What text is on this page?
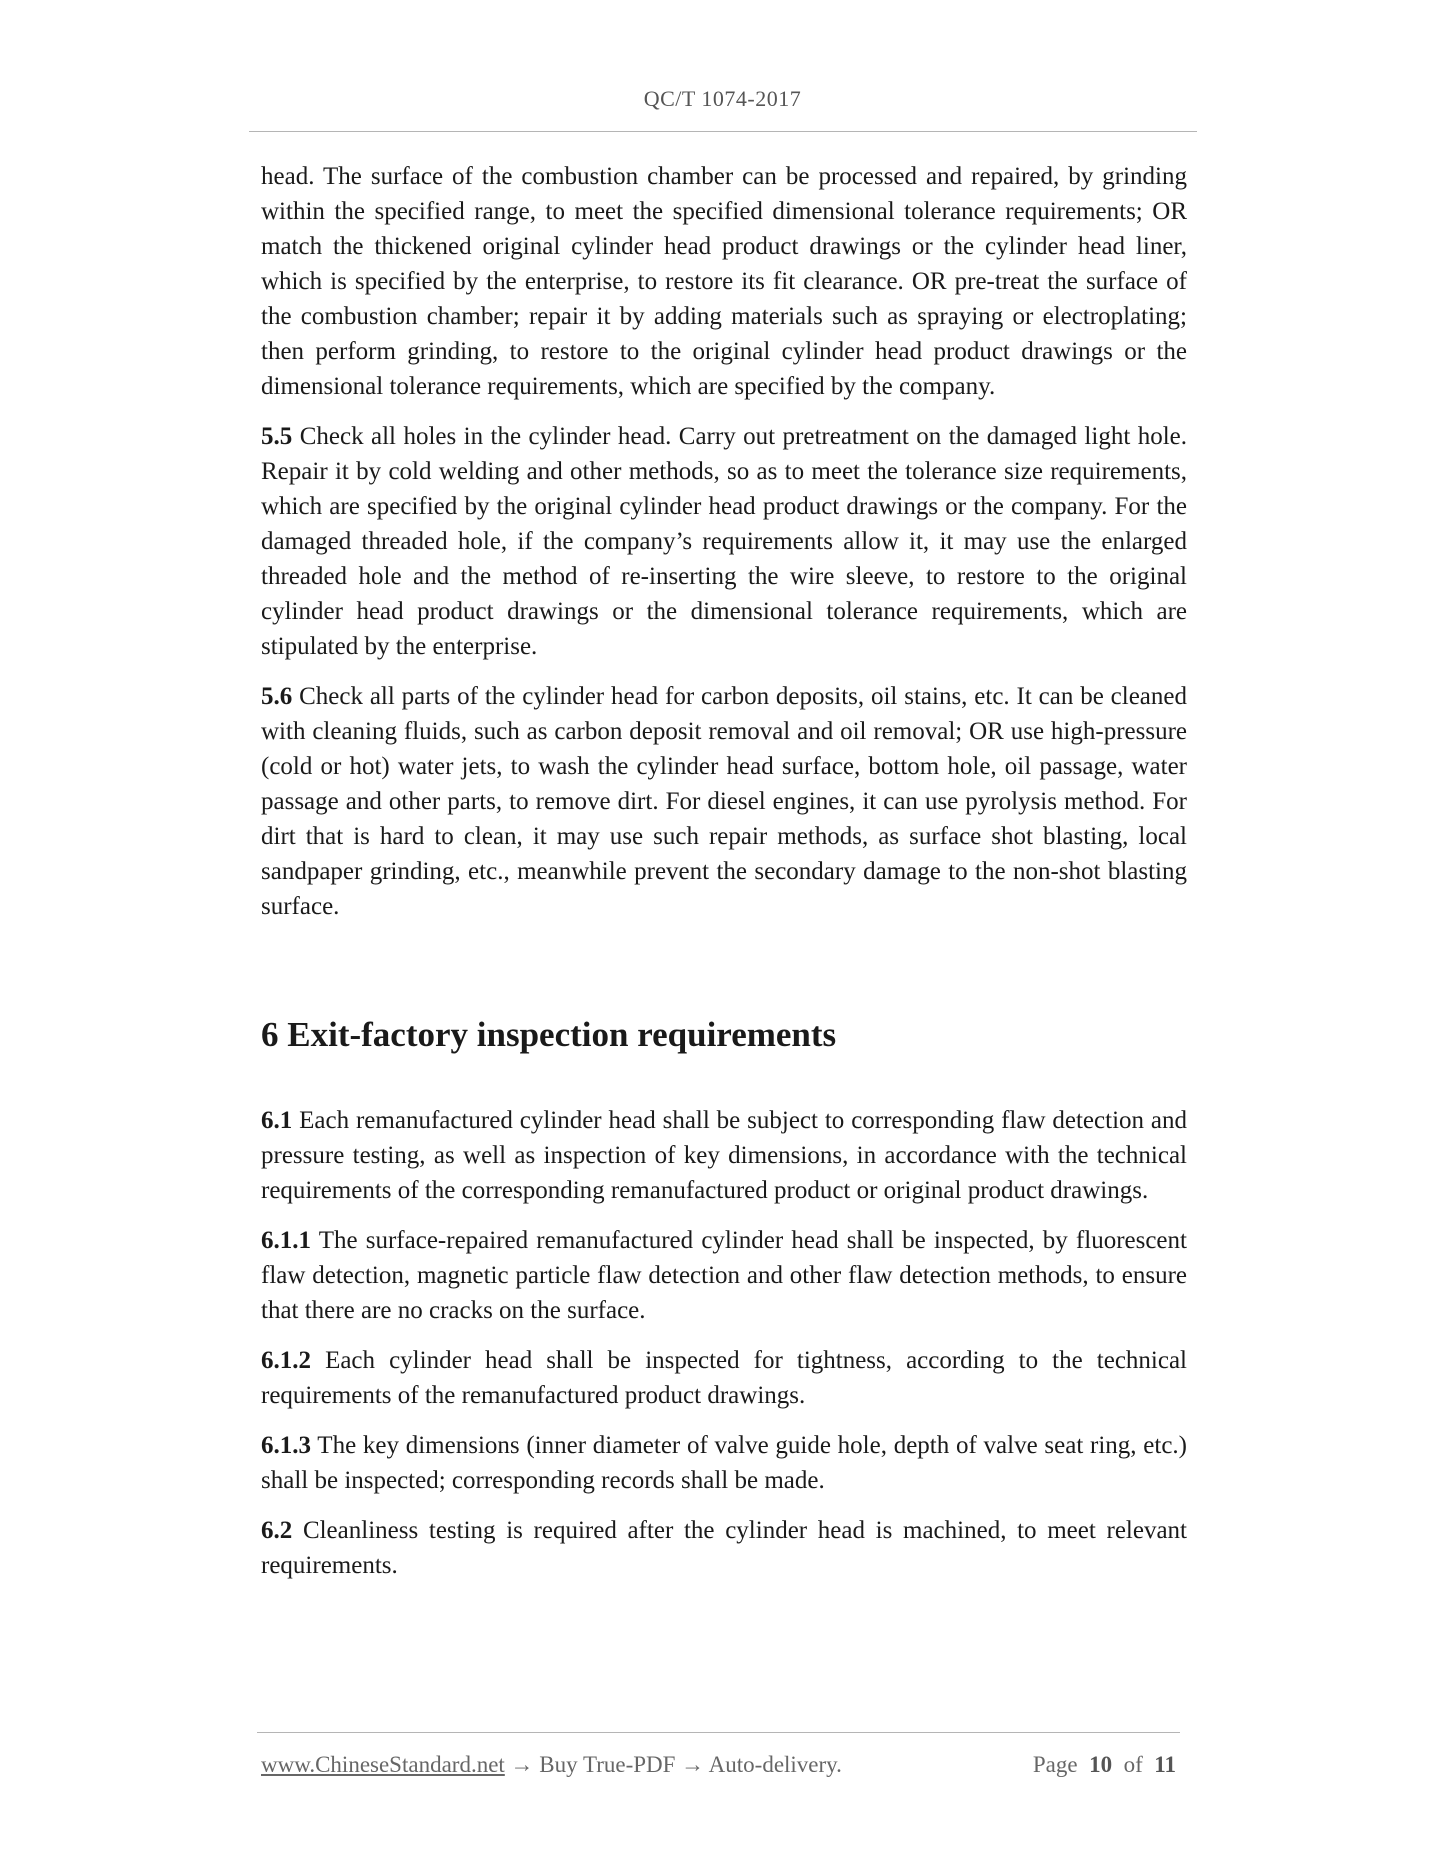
QC/T 1074-2017

head. The surface of the combustion chamber can be processed and repaired, by grinding within the specified range, to meet the specified dimensional tolerance requirements; OR match the thickened original cylinder head product drawings or the cylinder head liner, which is specified by the enterprise, to restore its fit clearance. OR pre-treat the surface of the combustion chamber; repair it by adding materials such as spraying or electroplating; then perform grinding, to restore to the original cylinder head product drawings or the dimensional tolerance requirements, which are specified by the company.

5.5 Check all holes in the cylinder head. Carry out pretreatment on the damaged light hole. Repair it by cold welding and other methods, so as to meet the tolerance size requirements, which are specified by the original cylinder head product drawings or the company. For the damaged threaded hole, if the company’s requirements allow it, it may use the enlarged threaded hole and the method of re-inserting the wire sleeve, to restore to the original cylinder head product drawings or the dimensional tolerance requirements, which are stipulated by the enterprise.

5.6 Check all parts of the cylinder head for carbon deposits, oil stains, etc. It can be cleaned with cleaning fluids, such as carbon deposit removal and oil removal; OR use high-pressure (cold or hot) water jets, to wash the cylinder head surface, bottom hole, oil passage, water passage and other parts, to remove dirt. For diesel engines, it can use pyrolysis method. For dirt that is hard to clean, it may use such repair methods, as surface shot blasting, local sandpaper grinding, etc., meanwhile prevent the secondary damage to the non-shot blasting surface.

6 Exit-factory inspection requirements

6.1 Each remanufactured cylinder head shall be subject to corresponding flaw detection and pressure testing, as well as inspection of key dimensions, in accordance with the technical requirements of the corresponding remanufactured product or original product drawings.

6.1.1 The surface-repaired remanufactured cylinder head shall be inspected, by fluorescent flaw detection, magnetic particle flaw detection and other flaw detection methods, to ensure that there are no cracks on the surface.

6.1.2 Each cylinder head shall be inspected for tightness, according to the technical requirements of the remanufactured product drawings.

6.1.3 The key dimensions (inner diameter of valve guide hole, depth of valve seat ring, etc.) shall be inspected; corresponding records shall be made.

6.2 Cleanliness testing is required after the cylinder head is machined, to meet relevant requirements.

www.ChineseStandard.net → Buy True-PDF → Auto-delivery.	Page 10 of 11
